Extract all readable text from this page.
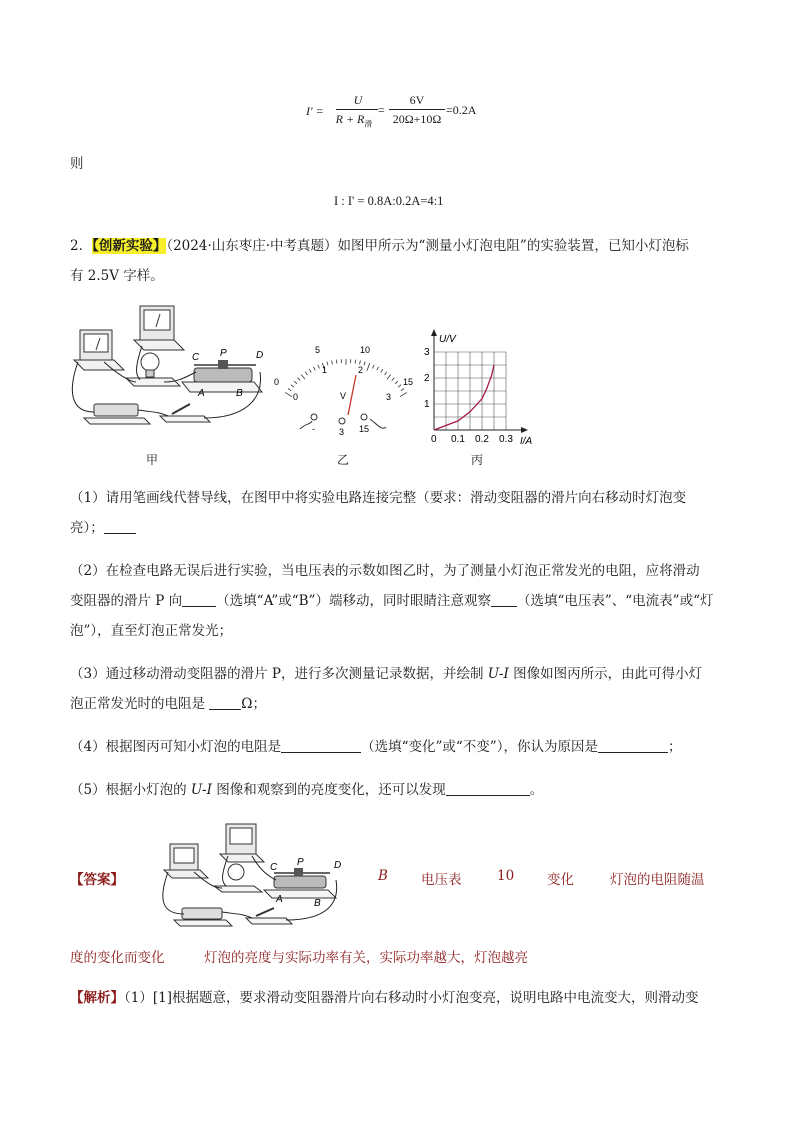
I' =
U
$R + R_滑$
=
6V
20Ω+10Ω
=0.2A
则
I : I' = 0.8A:0.2A=4:1
2．【创新实验】（2024·山东枣庄·中考真题）如图甲所示为“测量小灯泡电阻”的实验装置，已知小灯泡标
有 2.5V 字样。
C P	D
A	B
甲
0
5	10
15
0
1	2
3
V
-	3 15
乙
U/V
I/A
1
2
3
0 0.1 0.2 0.3
丙
（1）请用笔画线代替导线，在图甲中将实验电路连接完整（要求：滑动变阻器的滑片向右移动时灯泡变
亮）；
（2）在检查电路无误后进行实验，当电压表的示数如图乙时，为了测量小灯泡正常发光的电阻，应将滑动
变阻器的滑片 P 向	（选填“A”或“B”）端移动，同时眼睛注意观察 （选填“电压表”、“电流表”或“灯
泡”），直至灯泡正常发光；
（3）通过移动滑动变阻器的滑片 P，进行多次测量记录数据，并绘制 U-I 图像如图丙所示，由此可得小灯
泡正常发光时的电阻是 Ω；
（4）根据图丙可知小灯泡的电阻是	（选填“变化”或“不变”），你认为原因是	；
（5）根据小灯泡的 U-I 图像和观察到的亮度变化，还可以发现	。
【答案】
C P	D
A	B
B 电压表	10 变化	灯泡的电阻随温
度的变化而变化	灯泡的亮度与实际功率有关，实际功率越大，灯泡越亮
【解析】（1）[1]根据题意，要求滑动变阻器滑片向右移动时小灯泡变亮，说明电路中电流变大，则滑动变
